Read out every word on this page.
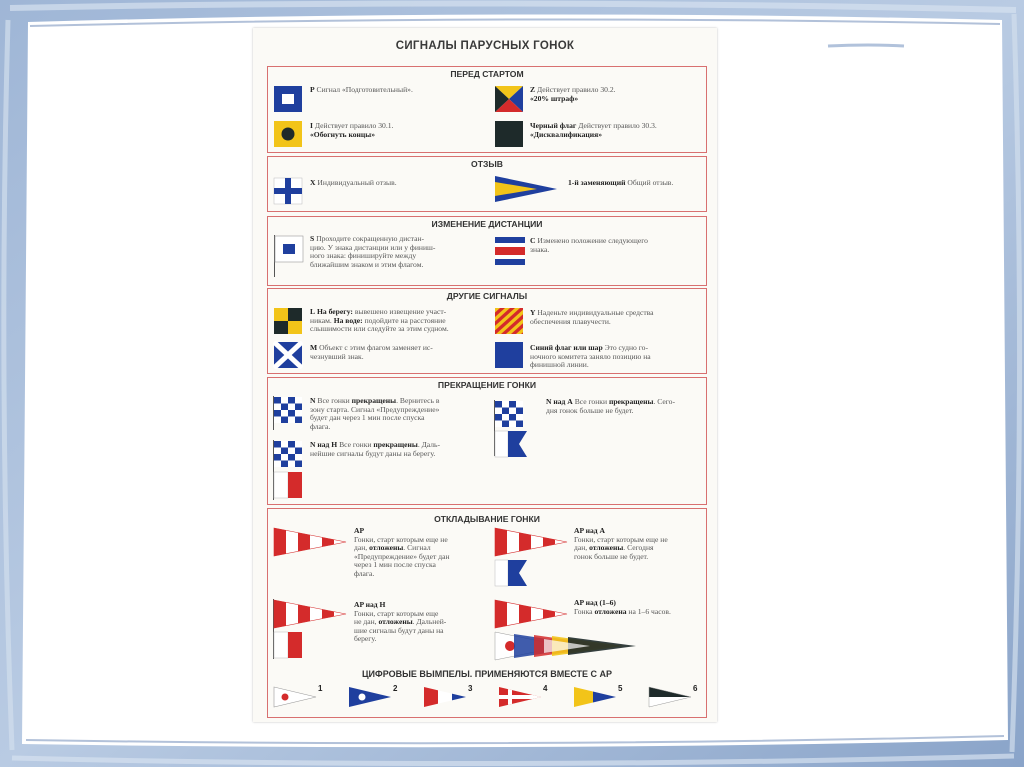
СИГНАЛЫ ПАРУСНЫХ ГОНОК
ПЕРЕД СТАРТОМ
P Сигнал «Подготовительный».	Z Действует правило 30.2.
«20% штраф»
I Действует правило 30.1.
«Обогнуть концы»
Черный флаг Действует правило 30.3.
«Дисквалификация»
ОТЗЫВ
X Индивидуальный отзыв.	1-й заменяющий Общий отзыв.
ИЗМЕНЕНИЕ ДИСТАНЦИИ
S Проходите сокращенную дистан-
цию. У знака дистанции или у финиш-
ного знака: финишируйте между
ближайшим знаком и этим флагом.
C Изменено положение следующего
знака.
ДРУГИЕ СИГНАЛЫ
L На берегу: вывешено извещение участ-
никам. На воде: подойдите на расстояние
слышимости или следуйте за этим судном.
Y Наденьте индивидуальные средства
обеспечения плавучести.
M Объект с этим флагом заменяет ис-
чезнувший знак.
Синий флаг или шар Это судно го-
ночного комитета заняло позицию на
финишной линии.
ПРЕКРАЩЕНИЕ ГОНКИ
N Все гонки прекращены. Вернитесь в
зону старта. Сигнал «Предупреждение»
будет дан через 1 мин после спуска
флага.
N над A Все гонки прекращены. Сего-
дня гонок больше не будет.
N над H Все гонки прекращены. Даль-
нейшие сигналы будут даны на берегу.
ОТКЛАДЫВАНИЕ ГОНКИ
AP
Гонки, старт которым еще не
дан, отложены. Сигнал
«Предупреждение» будет дан
через 1 мин после спуска
флага.
AP над A
Гонки, старт которым еще не
дан, отложены. Сегодня
гонок больше не будет.
AP над H
Гонки, старт которым еще
не дан, отложены. Дальней-
шие сигналы будут даны на
берегу.
AP над (1–6)
Гонка отложена на 1–6 часов.
ЦИФРОВЫЕ ВЫМПЕЛЫ. ПРИМЕНЯЮТСЯ ВМЕСТЕ С AP
1	2	3	4	5	6
